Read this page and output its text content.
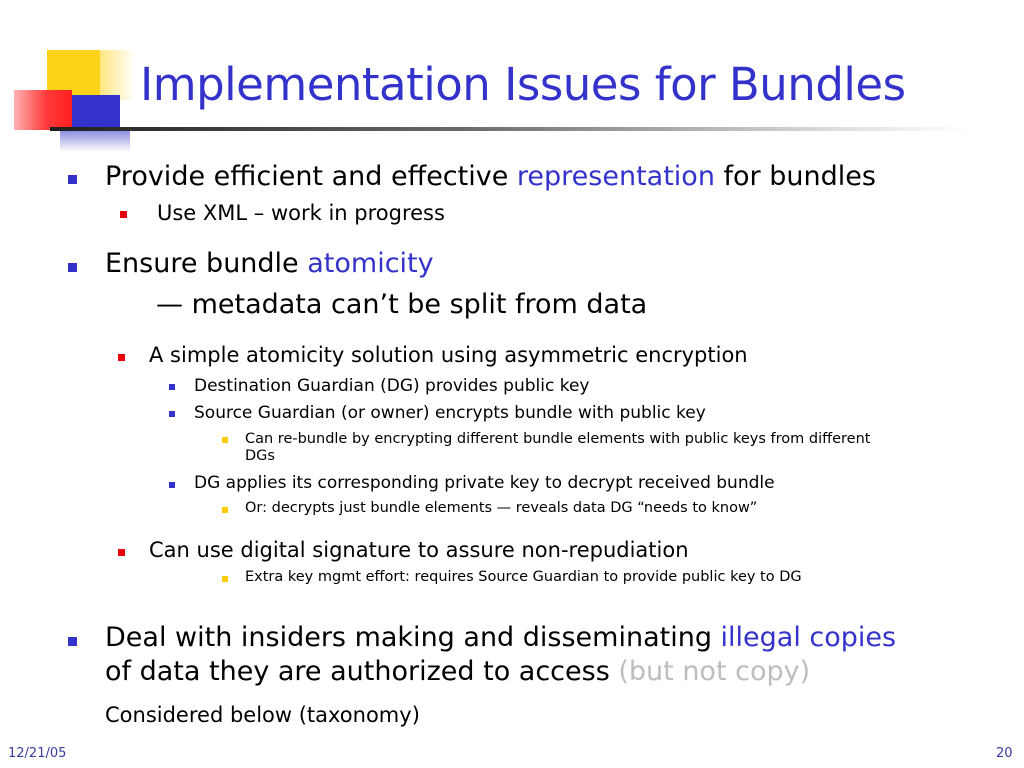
Implementation Issues for Bundles
Provide efficient and effective representation for bundles
Use XML – work in progress
Ensure bundle atomicity
— metadata can’t be split from data
A simple atomicity solution using asymmetric encryption
Destination Guardian (DG) provides public key
Source Guardian (or owner) encrypts bundle with public key
Can re-bundle by encrypting different bundle elements with public keys from different
DGs
DG applies its corresponding private key to decrypt received bundle
Or: decrypts just bundle elements — reveals data DG “needs to know”
Can use digital signature to assure non-repudiation
Extra key mgmt effort: requires Source Guardian to provide public key to DG
Deal with insiders making and disseminating illegal copies
of data they are authorized to access (but not copy)
Considered below (taxonomy)
12/21/05	20
